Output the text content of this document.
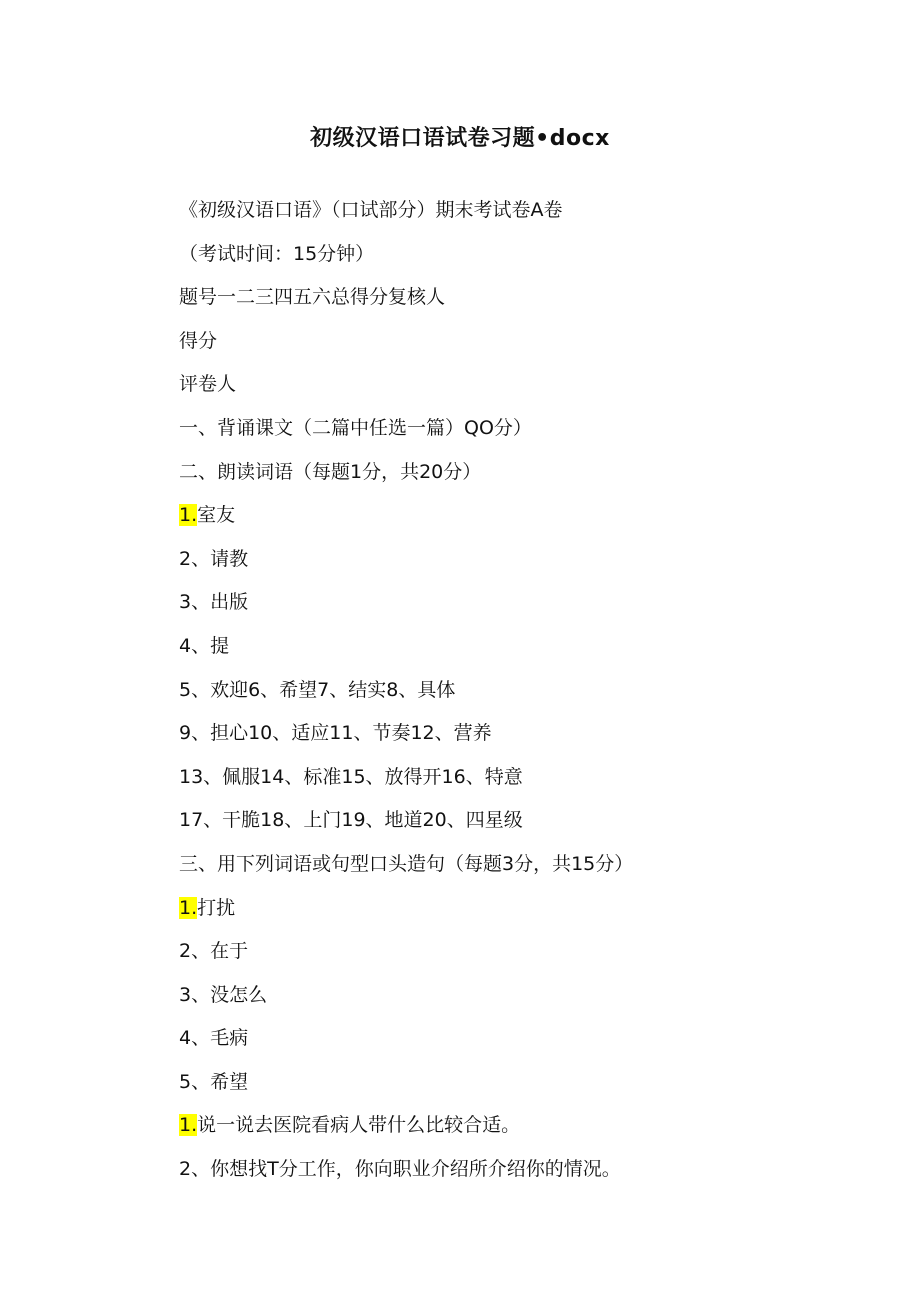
初级汉语口语试卷习题•docx
《初级汉语口语》（口试部分）期末考试卷A卷
（考试时间：15分钟）
题号一二三四五六总得分复核人
得分
评卷人
一、背诵课文（二篇中任选一篇）QO分）
二、朗读词语（每题1分，共20分）
1.室友
2、请教
3、出版
4、提
5、欢迎6、希望7、结实8、具体
9、担心10、适应11、节奏12、营养
13、佩服14、标准15、放得开16、特意
17、干脆18、上门19、地道20、四星级
三、用下列词语或句型口头造句（每题3分，共15分）
1.打扰
2、在于
3、没怎么
4、毛病
5、希望
1.说一说去医院看病人带什么比较合适。
2、你想找T分工作，你向职业介绍所介绍你的情况。
